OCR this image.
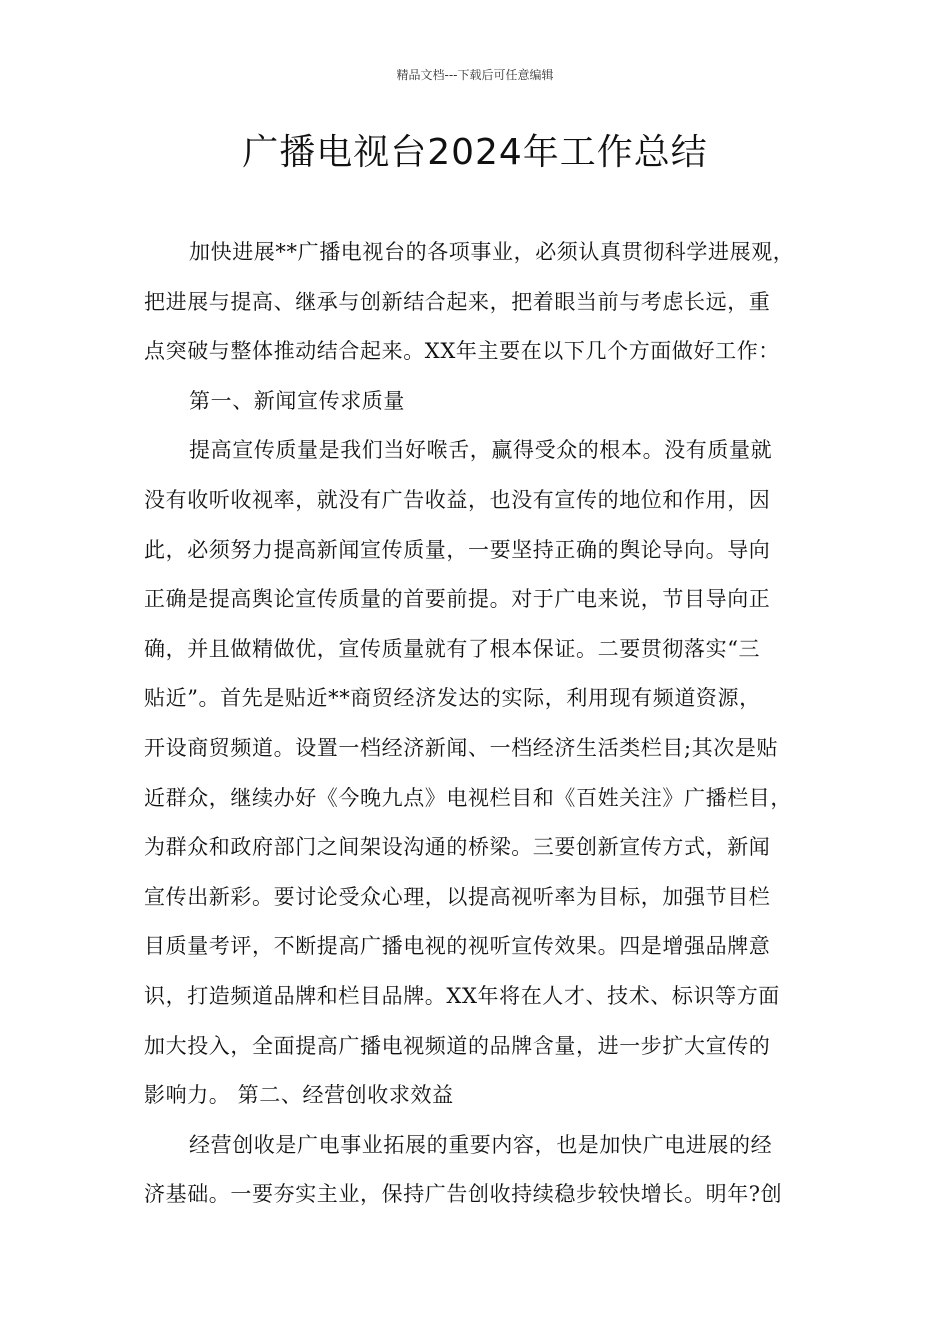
精品文档---下载后可任意编辑
广播电视台2024年工作总结
加快进展**广播电视台的各项事业，必须认真贯彻科学进展观，
把进展与提高、继承与创新结合起来，把着眼当前与考虑长远，重
点突破与整体推动结合起来。XX年主要在以下几个方面做好工作：
第一、新闻宣传求质量
提高宣传质量是我们当好喉舌，赢得受众的根本。没有质量就
没有收听收视率，就没有广告收益，也没有宣传的地位和作用，因
此，必须努力提高新闻宣传质量，一要坚持正确的舆论导向。导向
正确是提高舆论宣传质量的首要前提。对于广电来说，节目导向正
确，并且做精做优，宣传质量就有了根本保证。二要贯彻落实“三
贴近”。首先是贴近**商贸经济发达的实际，利用现有频道资源，
开设商贸频道。设置一档经济新闻、一档经济生活类栏目;其次是贴
近群众，继续办好《今晚九点》电视栏目和《百姓关注》广播栏目，
为群众和政府部门之间架设沟通的桥梁。三要创新宣传方式，新闻
宣传出新彩。要讨论受众心理，以提高视听率为目标，加强节目栏
目质量考评，不断提高广播电视的视听宣传效果。四是增强品牌意
识，打造频道品牌和栏目品牌。XX年将在人才、技术、标识等方面
加大投入，全面提高广播电视频道的品牌含量，进一步扩大宣传的
影响力。 第二、经营创收求效益
经营创收是广电事业拓展的重要内容，也是加快广电进展的经
济基础。一要夯实主业，保持广告创收持续稳步较快增长。明年?创
